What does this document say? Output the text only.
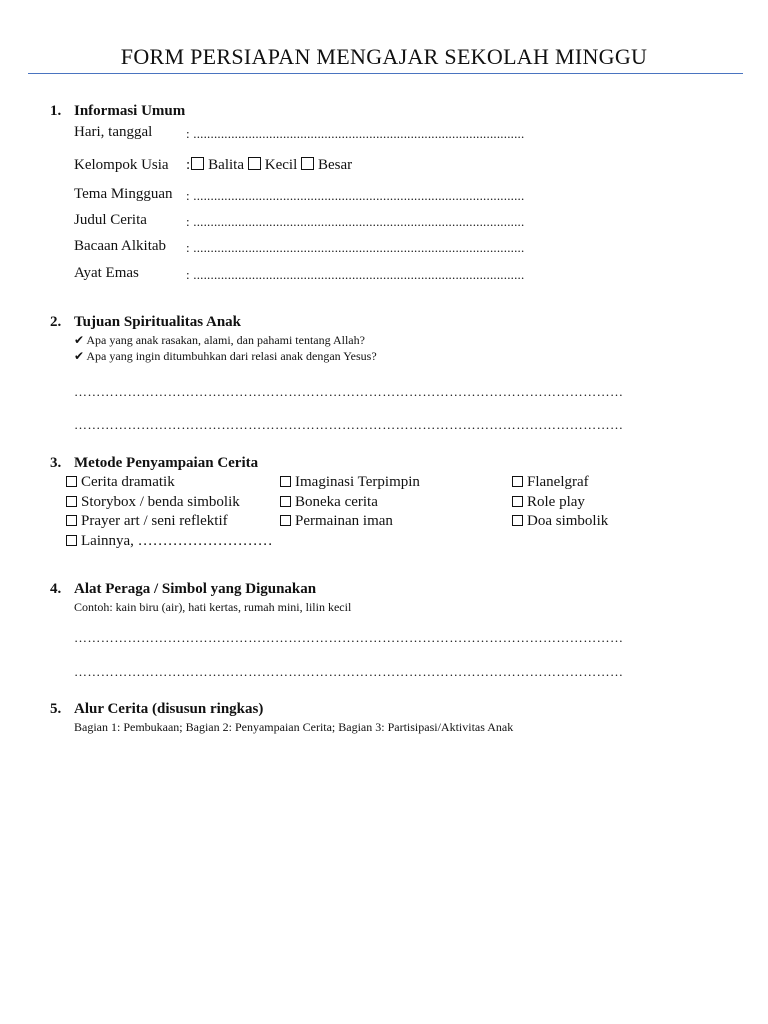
FORM PERSIAPAN MENGAJAR SEKOLAH MINGGU
1. Informasi Umum
Hari, tanggal	: ................................................................................................
Kelompok Usia : Balita Kecil Besar
Tema Mingguan : ................................................................................................
Judul Cerita	: ................................................................................................
Bacaan Alkitab : ................................................................................................
Ayat Emas	: ................................................................................................
2. Tujuan Spiritualitas Anak
✔ Apa yang anak rasakan, alami, dan pahami tentang Allah?
✔ Apa yang ingin ditumbuhkan dari relasi anak dengan Yesus?
……………………………………………………………………………………………………………
……………………………………………………………………………………………………………
3. Metode Penyampaian Cerita
Cerita dramatik	Imaginasi Terpimpin	Flanelgraf
Storybox / benda simbolik	Boneka cerita	Role play
Prayer art / seni reflektif	Permainan iman	Doa simbolik
Lainnya, ………………………
4. Alat Peraga / Simbol yang Digunakan
Contoh: kain biru (air), hati kertas, rumah mini, lilin kecil
……………………………………………………………………………………………………………
……………………………………………………………………………………………………………
5. Alur Cerita (disusun ringkas)
Bagian 1: Pembukaan; Bagian 2: Penyampaian Cerita; Bagian 3: Partisipasi/Aktivitas Anak
